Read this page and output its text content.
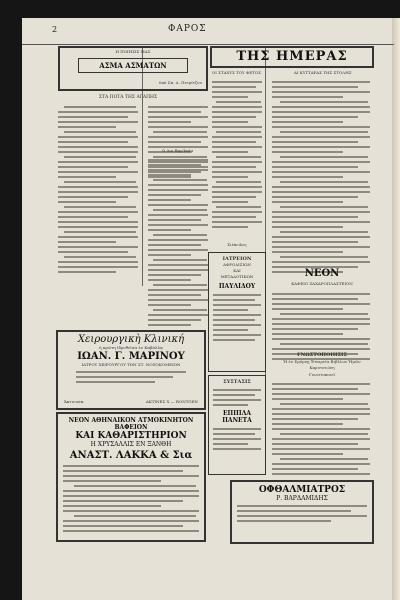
2	ΦΑΡΟΣ
Η ΠΟΙΗΣΙΣ ΜΑΣ
ΑΣΜΑ ΑΣΜΑΤΩΝ
ὑπὸ Σπ. Δ. Πετρίτζου
ΣΤΑ ΠΟΤΑ ΤΗΣ ΑΓΑΠΗΣ
Ο Διο Βαρ'Ικάμ
ΤΗΣ ΗΜΕΡΑΣ
ΟΙ ΣΤΑΧΥΣ ΤΟΥ ΦΕΤΟΣ	ΑΙ ΚΥΤΤΑΡΑΣ ΤΗΣ ΣΤΟΛΗΣ
Σιέπωλος
ΙΑΤΡΕΙΟΝ
ΑΦΡΟΔΙΣΙΩΝ
ΚΑΙ
ΜΕΤΑΔΟΤΙΚΩΝ
ΠΑΥΛΙΔΟΥ
ΣΥΣΤΑΣΙΣ
ΕΠΙΠΛΑ ΠΑΝΕΤΑ
ΝΕΟΝ
ΚΑΦΕΙΟ ΖΑΧΑΡΟΠΛΑΣΤΕΙΟΝ
ΓΝΩΣΤΟΠΟΙΗΣΙΣ
Ἡ ἐν Σμύρνῃ Ἑταιρεία Βιβλίων Ἡμῶν Καρυτσιώνη
Γνωστοποιεῖ
Χειρουργικὴ Κλινική
ἡ πρώτη ἱδρυθεῖσα ἐν Καβάλλᾳ
ΙΩΑΝ. Γ. ΜΑΡΙΝΟΥ
ΙΑΤΡΟΥ ΧΕΙΡΟΥΡΓΟΥ ΤΩΝ ΣΤ. ΝΟΣΟΚΟΜΕΙΩΝ
Ἀκτινοσκ.	ΑΚΤΙΝΕΣ Χ — RONTGEN
ΝΕΟΝ ΑΘΗΝΑΙΚΟΝ ΑΤΜΟΚΙΝΗΤΟΝ ΒΑΦΕΙΟΝ
ΚΑΙ ΚΑΘΑΡΙΣΤΗΡΙΟΝ
Η ΧΡΥΣΑΛΛΙΣ ΕΝ ΞΑΝΘΗ
ΑΝΑΣΤ. ΛΑΚΚΑ & Σια
ΟΦΘΑΛΜΙΑΤΡΟΣ
Ρ. ΒΑΡΔΑΜΙΔΗΣ
